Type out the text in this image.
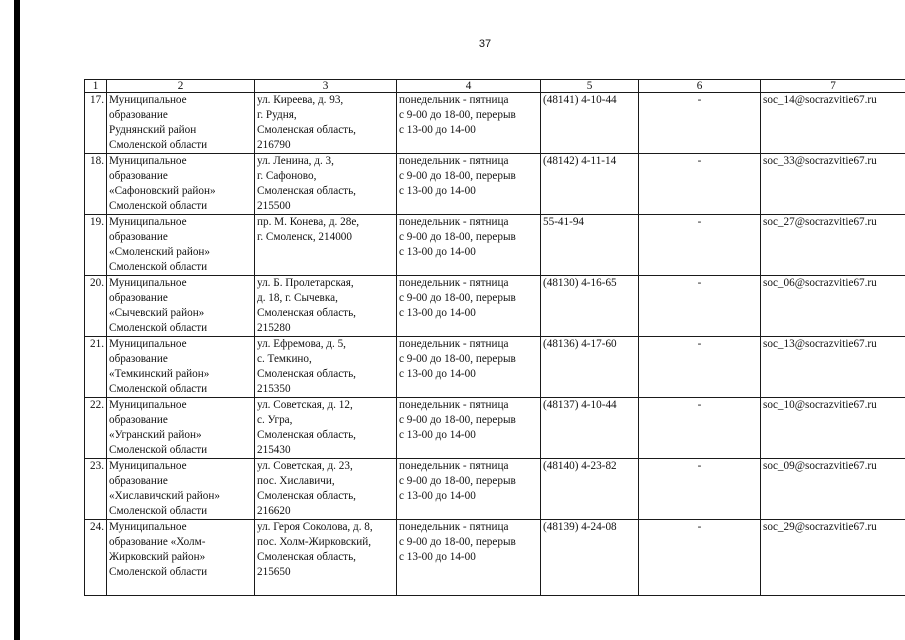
37
1	2	3	4	5	6	7
17.	Муниципальное
образование
Руднянский район
Смоленской области	ул. Киреева, д. 93,
г. Рудня,
Смоленская область,
216790	понедельник - пятница
с 9-00 до 18-00, перерыв
с 13-00 до 14-00	(48141) 4-10-44	-	soc_14@socrazvitie67.ru
18.	Муниципальное
образование
«Сафоновский район»
Смоленской области	ул. Ленина, д. 3,
г. Сафоново,
Смоленская область,
215500	понедельник - пятница
с 9-00 до 18-00, перерыв
с 13-00 до 14-00	(48142) 4-11-14	-	soc_33@socrazvitie67.ru
19.	Муниципальное
образование
«Смоленский район»
Смоленской области	пр. М. Конева, д. 28е,
г. Смоленск, 214000	понедельник - пятница
с 9-00 до 18-00, перерыв
с 13-00 до 14-00	55-41-94	-	soc_27@socrazvitie67.ru
20.	Муниципальное
образование
«Сычевский район»
Смоленской области	ул. Б. Пролетарская,
д. 18, г. Сычевка,
Смоленская область,
215280	понедельник - пятница
с 9-00 до 18-00, перерыв
с 13-00 до 14-00	(48130) 4-16-65	-	soc_06@socrazvitie67.ru
21.	Муниципальное
образование
«Темкинский район»
Смоленской области	ул. Ефремова, д. 5,
с. Темкино,
Смоленская область,
215350	понедельник - пятница
с 9-00 до 18-00, перерыв
с 13-00 до 14-00	(48136) 4-17-60	-	soc_13@socrazvitie67.ru
22.	Муниципальное
образование
«Угранский район»
Смоленской области	ул. Советская, д. 12,
с. Угра,
Смоленская область,
215430	понедельник - пятница
с 9-00 до 18-00, перерыв
с 13-00 до 14-00	(48137) 4-10-44	-	soc_10@socrazvitie67.ru
23.	Муниципальное
образование
«Хиславичский район»
Смоленской области	ул. Советская, д. 23,
пос. Хиславичи,
Смоленская область,
216620	понедельник - пятница
с 9-00 до 18-00, перерыв
с 13-00 до 14-00	(48140) 4-23-82	-	soc_09@socrazvitie67.ru
24.	Муниципальное
образование «Холм-
Жирковский район»
Смоленской области	ул. Героя Соколова, д. 8,
пос. Холм-Жирковский,
Смоленская область,
215650	понедельник - пятница
с 9-00 до 18-00, перерыв
с 13-00 до 14-00	(48139) 4-24-08	-	soc_29@socrazvitie67.ru
